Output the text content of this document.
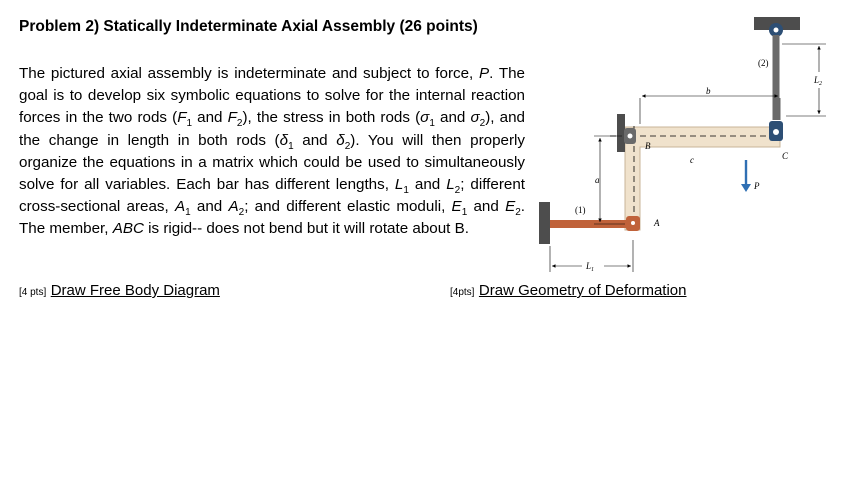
Problem 2) Statically Indeterminate Axial Assembly (26 points)

The pictured axial assembly is indeterminate and subject to force, P. The goal is to develop six symbolic equations to solve for the internal reaction forces in the two rods ($F_1$ and $F_2$), the stress in both rods ($\sigma_1$ and $\sigma_2$), and the change in length in both rods ($\delta_1$ and $\delta_2$). You will then properly organize the equations in a matrix which could be used to simultaneously solve for all variables. Each bar has different lengths, $L_1$ and $L_2$; different cross-sectional areas, $A_1$ and $A_2$; and different elastic moduli, $E_1$ and $E_2$. The member, ABC is rigid-- does not bend but it will rotate about B.

[4 pts] Draw Free Body Diagram	[4pts] Draw Geometry of Deformation
P
b
c	C
a
B
A
(1)
$L_1$
(2)
$L_2$
